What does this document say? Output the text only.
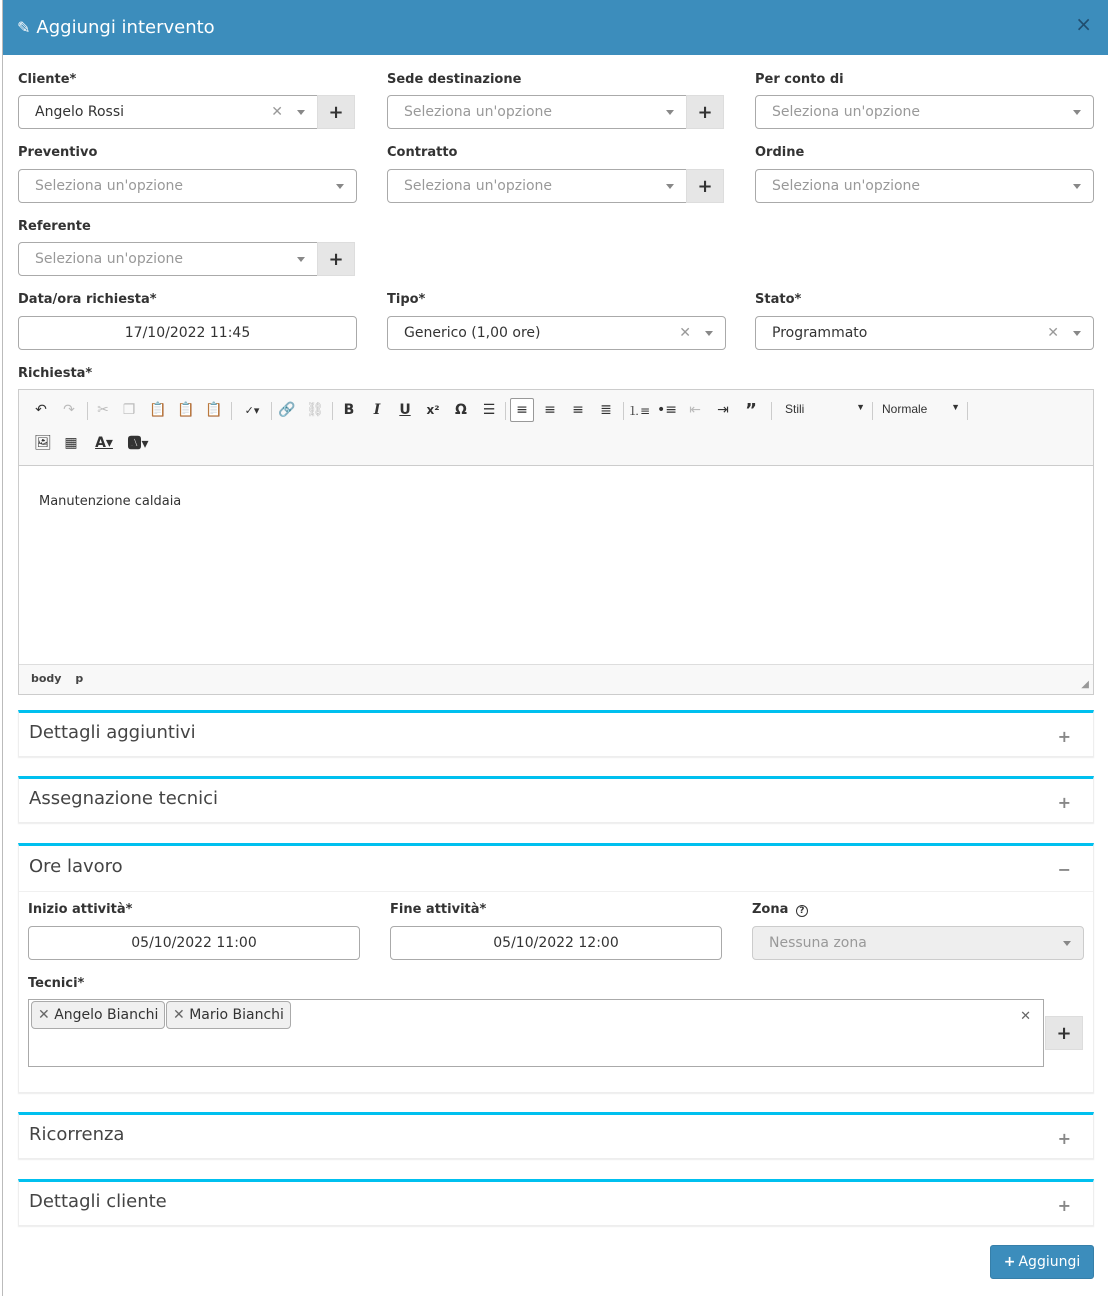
✎ Aggiungi intervento	×
Cliente*
Angelo Rossi	✕	+
Sede destinazione
Seleziona un'opzione	+
Per conto di
Seleziona un'opzione
Preventivo
Seleziona un'opzione
Contratto
Seleziona un'opzione	+
Ordine
Seleziona un'opzione
Referente
Seleziona un'opzione	+
Data/ora richiesta*
17/10/2022 11:45
Tipo*
Generico (1,00 ore)	✕
Stato*
Programmato	✕
Richiesta*
↶	↷	✂ ❐	📋 📋 📋	✓▾	🔗 ⛓	B	I	U	x²	Ω	☰	≡	≡	≡	≣	⒈≡ •≡ ⇤	⇥ ”	Stili	▼ Normale	▼
🖼 ▦	A▾	🅰▾
Manutenzione caldaia
body p	◢
Dettagli aggiuntivi	+
Assegnazione tecnici	+
Ore lavoro	−
Inizio attività*
05/10/2022 11:00
Fine attività*
05/10/2022 12:00
Zona ?
Nessuna zona
Tecnici*
✕
✕ Angelo Bianchi	✕ Mario Bianchi
+
Ricorrenza	+
Dettagli cliente	+
+ Aggiungi
